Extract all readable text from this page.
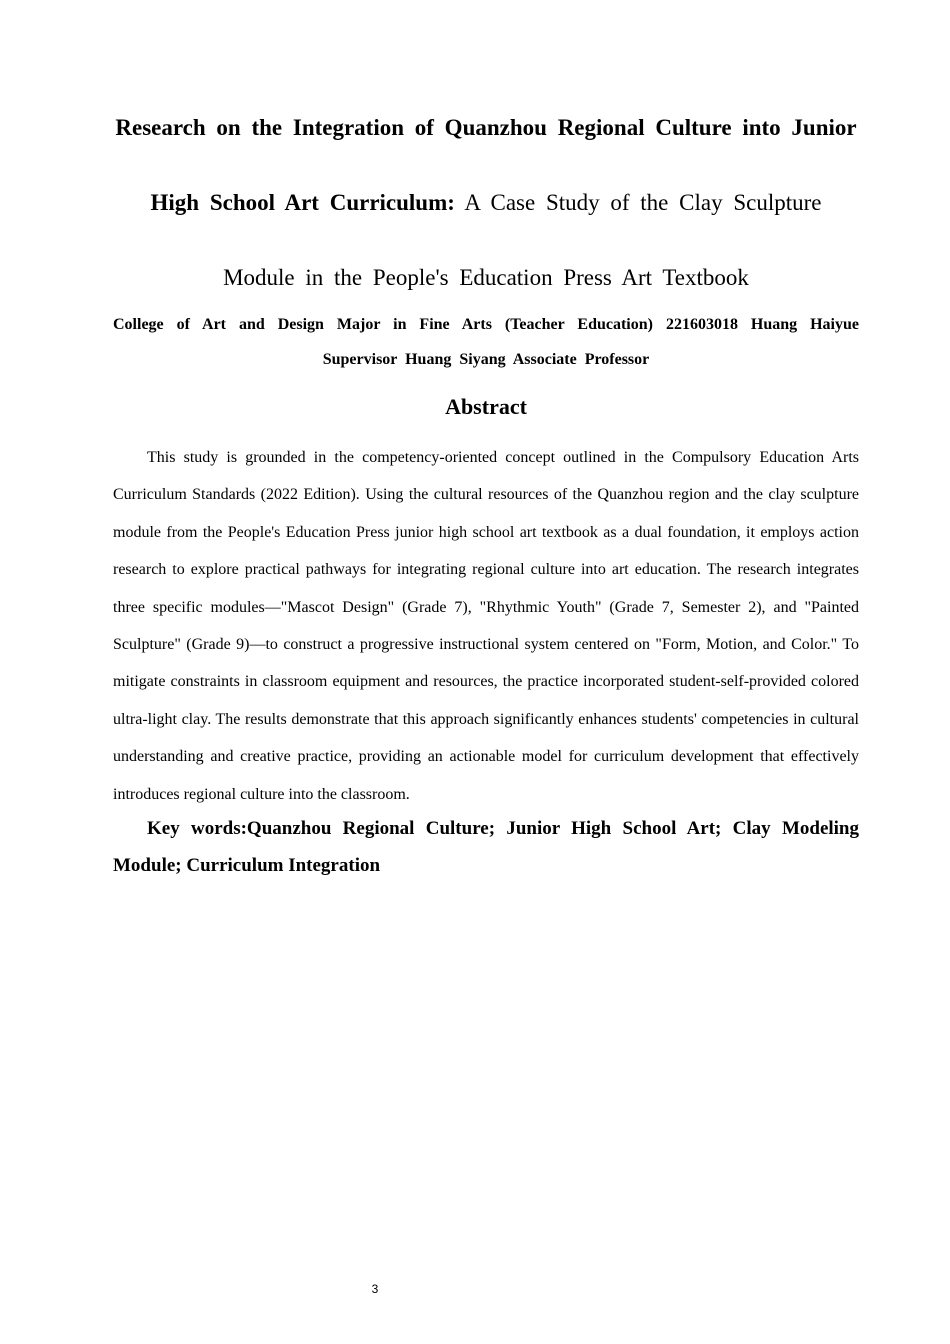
Research on the Integration of Quanzhou Regional Culture into Junior High School Art Curriculum: A Case Study of the Clay Sculpture Module in the People's Education Press Art Textbook
College of Art and Design Major in Fine Arts (Teacher Education) 221603018 Huang Haiyue
Supervisor Huang Siyang Associate Professor
Abstract

This study is grounded in the competency-oriented concept outlined in the Compulsory Education Arts Curriculum Standards (2022 Edition). Using the cultural resources of the Quanzhou region and the clay sculpture module from the People's Education Press junior high school art textbook as a dual foundation, it employs action research to explore practical pathways for integrating regional culture into art education. The research integrates three specific modules—"Mascot Design" (Grade 7), "Rhythmic Youth" (Grade 7, Semester 2), and "Painted Sculpture" (Grade 9)—to construct a progressive instructional system centered on "Form, Motion, and Color." To mitigate constraints in classroom equipment and resources, the practice incorporated student-self-provided colored ultra-light clay. The results demonstrate that this approach significantly enhances students' competencies in cultural understanding and creative practice, providing an actionable model for curriculum development that effectively introduces regional culture into the classroom.

Key words:Quanzhou Regional Culture; Junior High School Art; Clay Modeling Module; Curriculum Integration

3
